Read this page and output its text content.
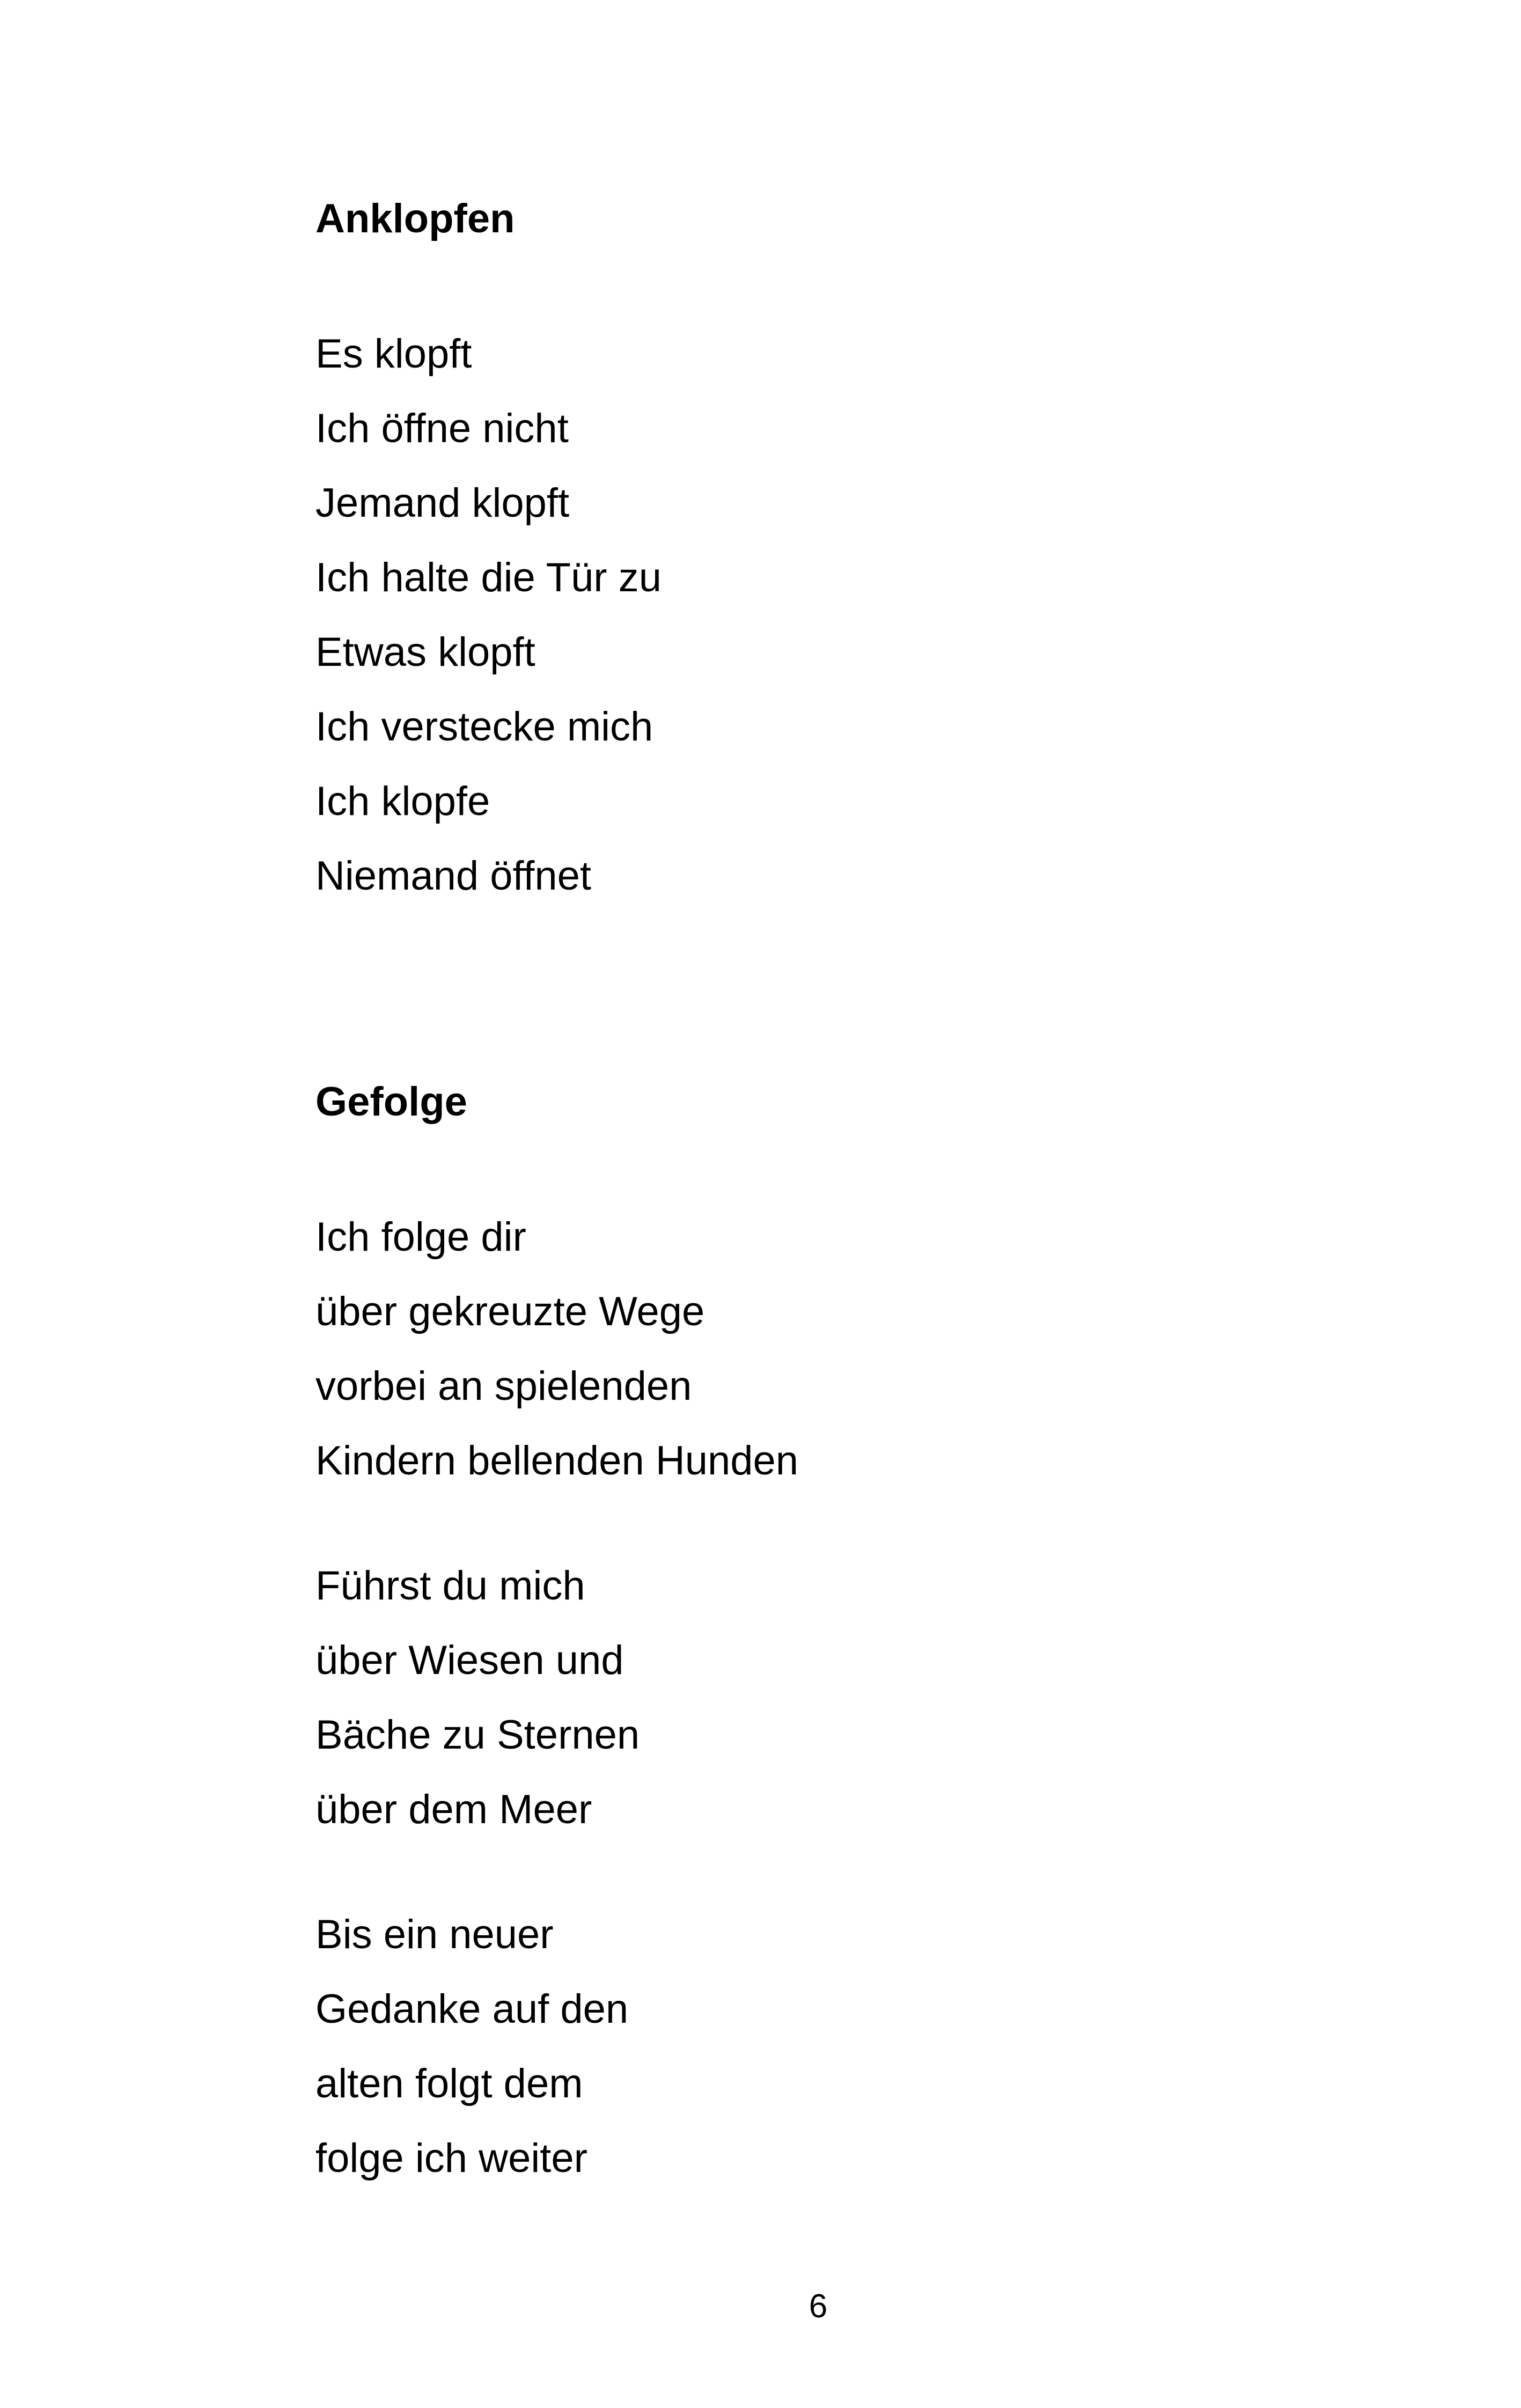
Anklopfen
Es klopft
Ich öffne nicht
Jemand klopft
Ich halte die Tür zu
Etwas klopft
Ich verstecke mich
Ich klopfe
Niemand öffnet
Gefolge
Ich folge dir
über gekreuzte Wege
vorbei an spielenden
Kindern bellenden Hunden
Führst du mich
über Wiesen und
Bäche zu Sternen
über dem Meer
Bis ein neuer
Gedanke auf den
alten folgt dem
folge ich weiter
6
